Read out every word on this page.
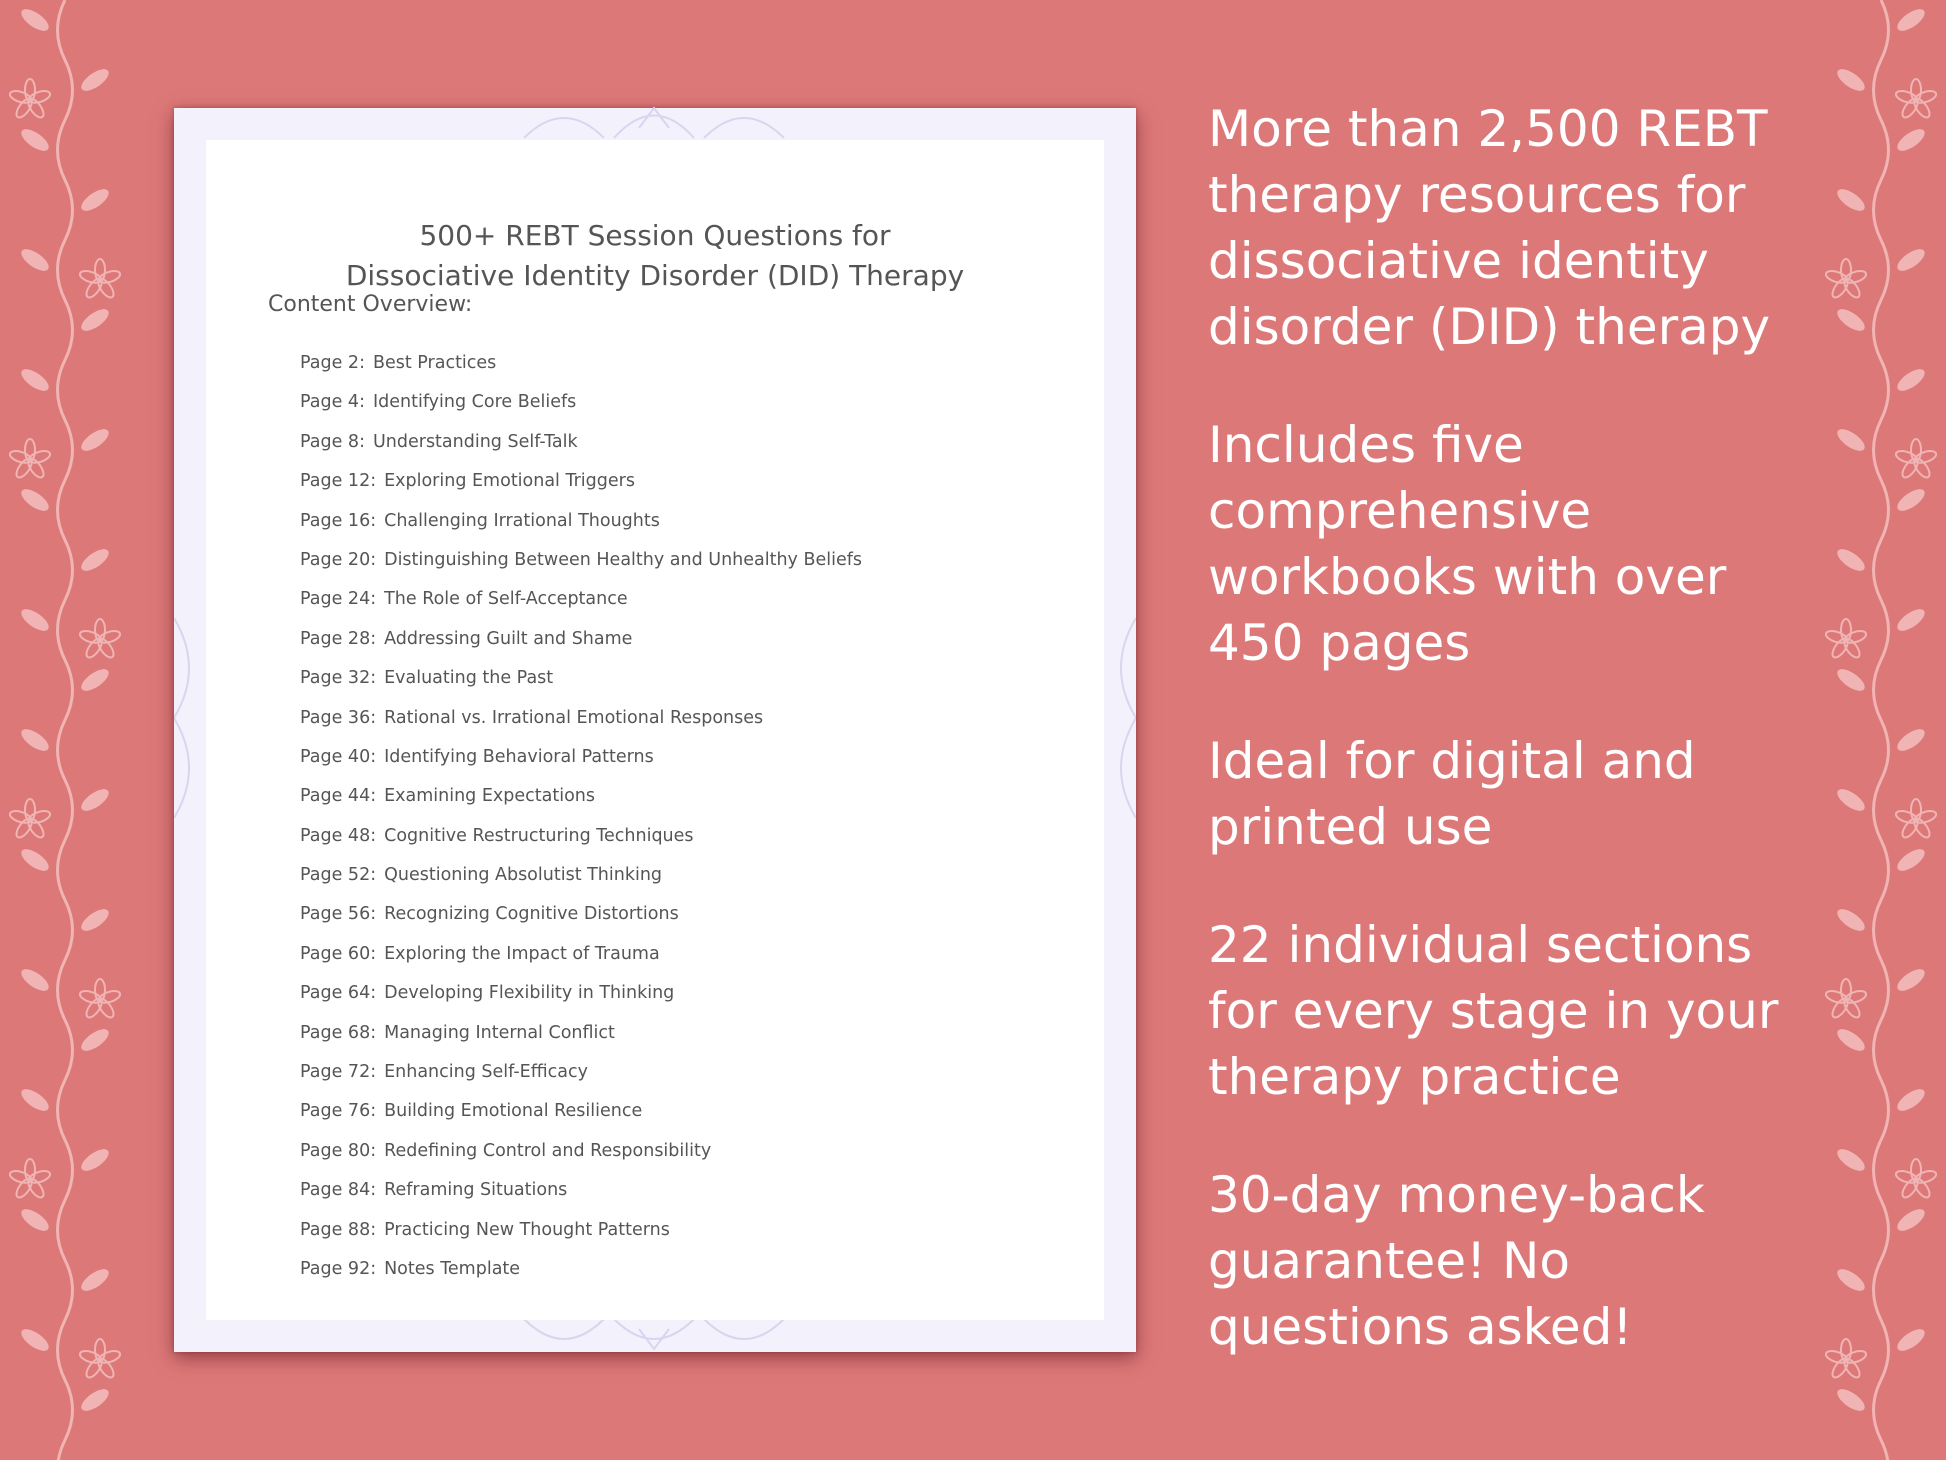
500+ REBT Session Questions for
Dissociative Identity Disorder (DID) Therapy
Content Overview:
Page 2: Best Practices
Page 4: Identifying Core Beliefs
Page 8: Understanding Self-Talk
Page 12: Exploring Emotional Triggers
Page 16: Challenging Irrational Thoughts
Page 20: Distinguishing Between Healthy and Unhealthy Beliefs
Page 24: The Role of Self-Acceptance
Page 28: Addressing Guilt and Shame
Page 32: Evaluating the Past
Page 36: Rational vs. Irrational Emotional Responses
Page 40: Identifying Behavioral Patterns
Page 44: Examining Expectations
Page 48: Cognitive Restructuring Techniques
Page 52: Questioning Absolutist Thinking
Page 56: Recognizing Cognitive Distortions
Page 60: Exploring the Impact of Trauma
Page 64: Developing Flexibility in Thinking
Page 68: Managing Internal Conflict
Page 72: Enhancing Self-Efficacy
Page 76: Building Emotional Resilience
Page 80: Redefining Control and Responsibility
Page 84: Reframing Situations
Page 88: Practicing New Thought Patterns
Page 92: Notes Template
More than 2,500 REBT
therapy resources for
dissociative identity
disorder (DID) therapy
Includes five
comprehensive
workbooks with over
450 pages
Ideal for digital and
printed use
22 individual sections
for every stage in your
therapy practice
30-day money-back
guarantee! No
questions asked!
